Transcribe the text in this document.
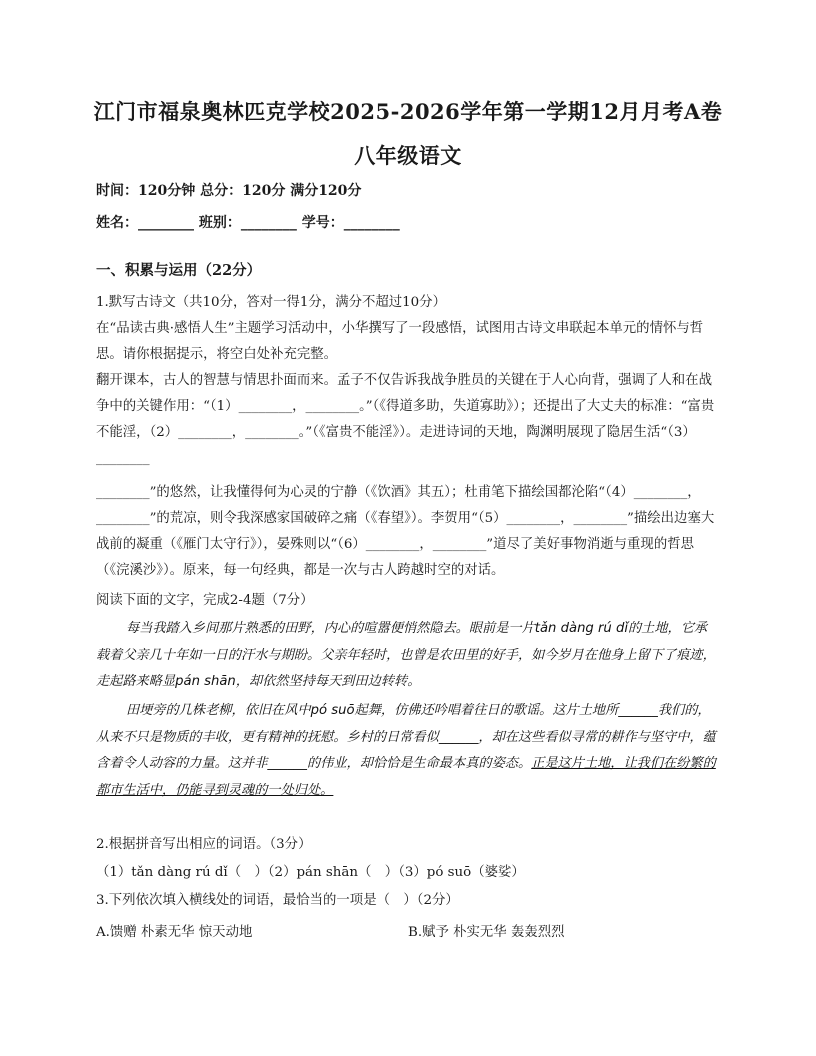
江门市福泉奥林匹克学校2025-2026学年第一学期12月月考A卷
八年级语文
时间：120分钟 总分：120分 满分120分
姓名：________ 班别：________ 学号：________
一、积累与运用（22分）

1.默写古诗文（共10分，答对一得1分，满分不超过10分）

在“品读古典·感悟人生”主题学习活动中，小华撰写了一段感悟，试图用古诗文串联起本单元的情怀与哲思。请你根据提示，将空白处补充完整。

翻开课本，古人的智慧与情思扑面而来。孟子不仅告诉我战争胜员的关键在于人心向背，强调了人和在战争中的关键作用：“（1）________，________。”（《得道多助，失道寡助》）；还提出了大丈夫的标准：“富贵不能淫，（2）________，________。”（《富贵不能淫》）。走进诗词的天地，陶渊明展现了隐居生活“（3）________

________”的悠然，让我懂得何为心灵的宁静（《饮酒》其五）；杜甫笔下描绘国都沦陷“（4）________，________”的荒凉，则令我深感家国破碎之痛（《春望》）。李贺用“（5）________，________”描绘出边塞大战前的凝重（《雁门太守行》），晏殊则以“（6）________，________”道尽了美好事物消逝与重现的哲思（《浣溪沙》）。原来，每一句经典，都是一次与古人跨越时空的对话。

阅读下面的文字，完成2-4题（7分）

每当我踏入乡间那片熟悉的田野，内心的喧嚣便悄然隐去。眼前是一片tǎn dàng rú dǐ的土地，它承载着父亲几十年如一日的汗水与期盼。父亲年轻时，也曾是农田里的好手，如今岁月在他身上留下了痕迹，走起路来略显pán shān，却依然坚持每天到田边转转。

田埂旁的几株老柳，依旧在风中pó suō起舞，仿佛还吟唱着往日的歌谣。这片土地所______我们的，从来不只是物质的丰收，更有精神的抚慰。乡村的日常看似______，却在这些看似寻常的耕作与坚守中，蕴含着令人动容的力量。这并非______的伟业，却恰恰是生命最本真的姿态。正是这片土地，让我们在纷繁的都市生活中，仍能寻到灵魂的一处归处。

2.根据拼音写出相应的词语。（3分）

（1）tǎn dàng rú dǐ（　）（2）pán shān（　）（3）pó suō（婆娑）

3.下列依次填入横线处的词语，最恰当的一项是（　）（2分）

A.馈赠 朴素无华 惊天动地	B.赋予 朴实无华 轰轰烈烈
